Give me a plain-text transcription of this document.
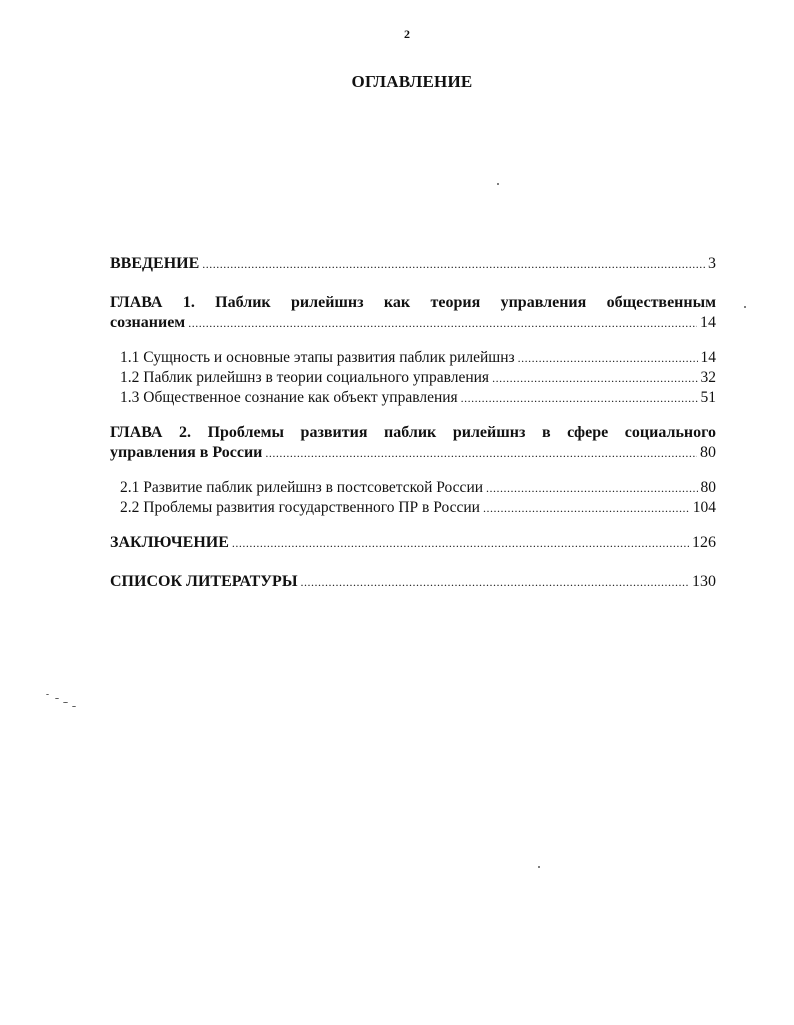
2
ОГЛАВЛЕНИЕ
ВВЕДЕНИЕ .....	3
ГЛАВА 1. Паблик рилейшнз как теория управления общественным
сознанием .....	14
1.1 Сущность и основные этапы развития паблик рилейшнз .....	14
1.2 Паблик рилейшнз в теории социального управления .....	32
1.3 Общественное сознание как объект управления .....	51
ГЛАВА 2. Проблемы развития паблик рилейшнз в сфере социального
управления в России .....	80
2.1 Развитие паблик рилейшнз в постсоветской России .....	80
2.2 Проблемы развития государственного ПР в России .....	104
ЗАКЛЮЧЕНИЕ .....	126
СПИСОК ЛИТЕРАТУРЫ .....	130
